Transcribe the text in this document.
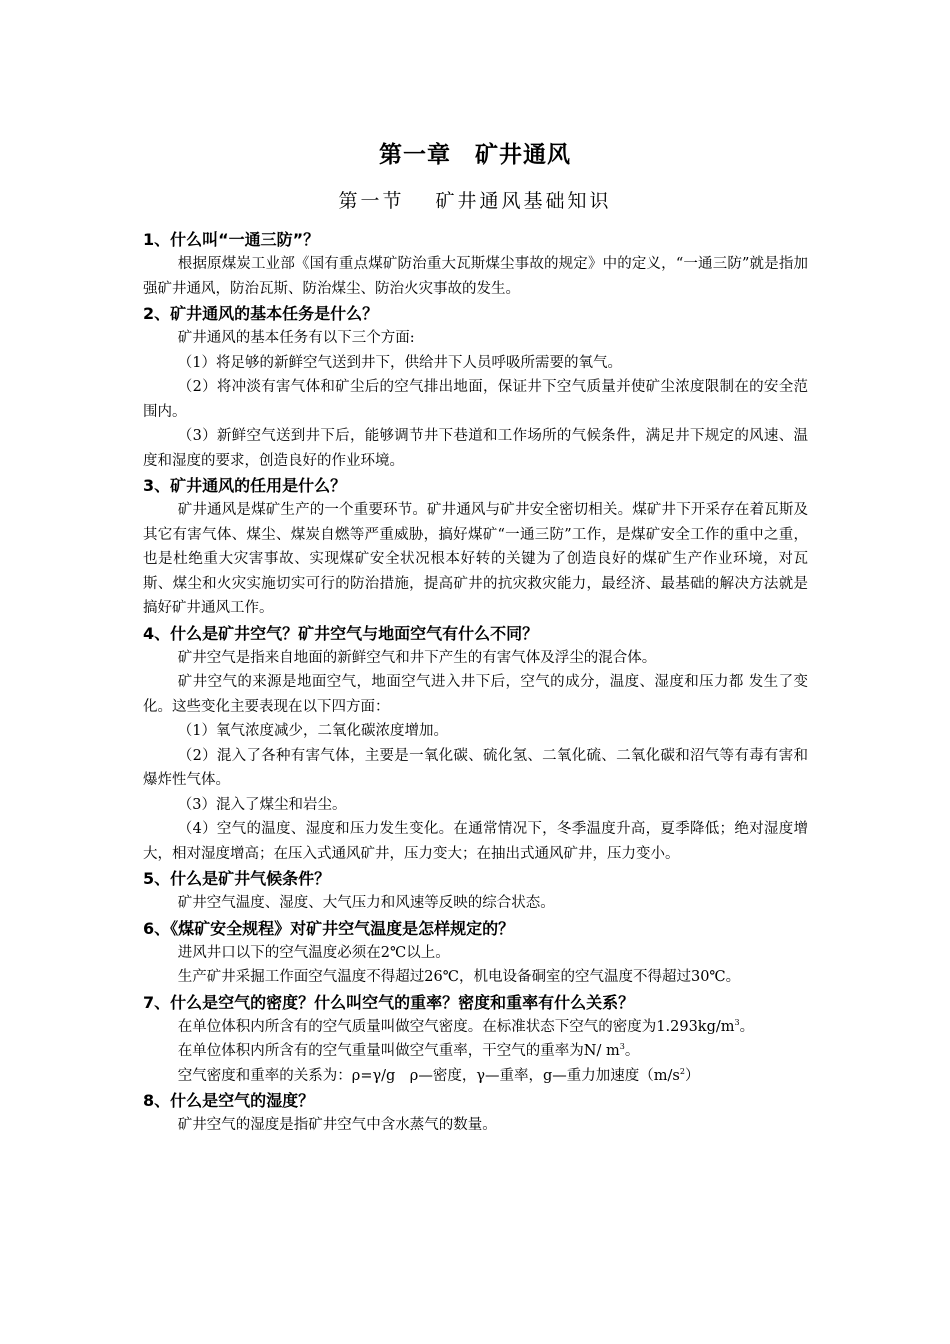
第一章　矿井通风
第一节　 矿井通风基础知识
1、什么叫“一通三防”？
根据原煤炭工业部《国有重点煤矿防治重大瓦斯煤尘事故的规定》中的定义，“一通三防”就是指加强矿井通风，防治瓦斯、防治煤尘、防治火灾事故的发生。
2、矿井通风的基本任务是什么？
矿井通风的基本任务有以下三个方面:
（1）将足够的新鲜空气送到井下，供给井下人员呼吸所需要的氧气。
（2）将冲淡有害气体和矿尘后的空气排出地面，保证井下空气质量并使矿尘浓度限制在的安全范围内。
（3）新鲜空气送到井下后，能够调节井下巷道和工作场所的气候条件，满足井下规定的风速、温度和湿度的要求，创造良好的作业环境。
3、矿井通风的任用是什么？
矿井通风是煤矿生产的一个重要环节。矿井通风与矿井安全密切相关。煤矿井下开采存在着瓦斯及其它有害气体、煤尘、煤炭自燃等严重威胁，搞好煤矿“一通三防”工作，是煤矿安全工作的重中之重，也是杜绝重大灾害事故、实现煤矿安全状况根本好转的关键为了创造良好的煤矿生产作业环境，对瓦斯、煤尘和火灾实施切实可行的防治措施，提高矿井的抗灾救灾能力，最经济、最基础的解决方法就是搞好矿井通风工作。
4、什么是矿井空气？矿井空气与地面空气有什么不同？
矿井空气是指来自地面的新鲜空气和井下产生的有害气体及浮尘的混合体。
矿井空气的来源是地面空气，地面空气进入井下后，空气的成分，温度、湿度和压力都 发生了变化。这些变化主要表现在以下四方面：
（1）氧气浓度减少，二氧化碳浓度增加。
（2）混入了各种有害气体，主要是一氧化碳、硫化氢、二氧化硫、二氧化碳和沼气等有毒有害和爆炸性气体。
（3）混入了煤尘和岩尘。
（4）空气的温度、湿度和压力发生变化。在通常情况下，冬季温度升高，夏季降低；绝对湿度增大，相对湿度增高；在压入式通风矿井，压力变大；在抽出式通风矿井，压力变小。
5、什么是矿井气候条件？
矿井空气温度、湿度、大气压力和风速等反映的综合状态。
6、《煤矿安全规程》对矿井空气温度是怎样规定的？
进风井口以下的空气温度必须在2℃以上。
生产矿井采掘工作面空气温度不得超过26℃，机电设备硐室的空气温度不得超过30℃。
7、什么是空气的密度？什么叫空气的重率？密度和重率有什么关系？
在单位体积内所含有的空气质量叫做空气密度。在标准状态下空气的密度为$1.293kg/m^3$。
在单位体积内所含有的空气重量叫做空气重率，干空气的重率为N/ $m^3$。
空气密度和重率的关系为：ρ=γ/g　ρ—密度，γ—重率，g—重力加速度$(m/s^2)$
8、什么是空气的湿度？
矿井空气的湿度是指矿井空气中含水蒸气的数量。
